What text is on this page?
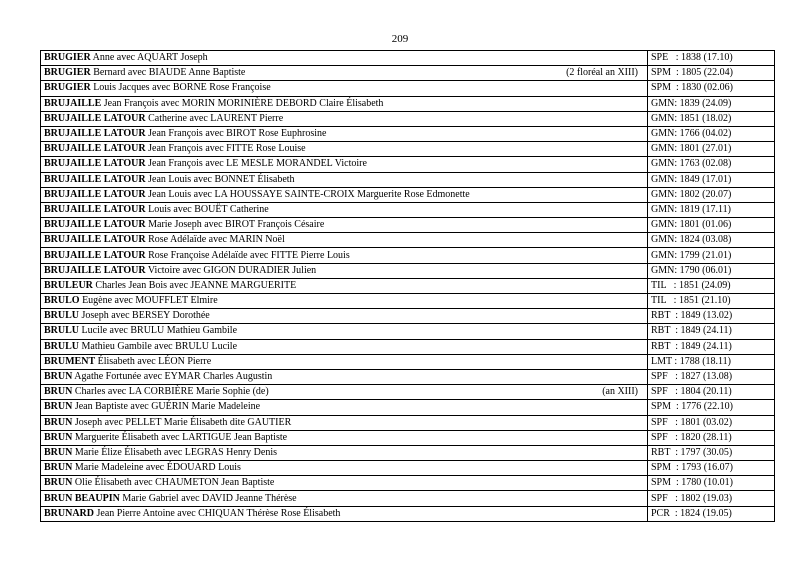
209
BRUGIER Anne avec AQUART Joseph	SPE   : 1838 (17.10)
BRUGIER Bernard avec BIAUDE Anne Baptiste (2 floréal an XIII)	SPM  : 1805 (22.04)
BRUGIER Louis Jacques avec BORNE Rose Françoise	SPM  : 1830 (02.06)
BRUJAILLE Jean François avec MORIN MORINIÈRE DEBORD Claire Élisabeth	GMN: 1839 (24.09)
BRUJAILLE LATOUR Catherine avec LAURENT Pierre	GMN: 1851 (18.02)
BRUJAILLE LATOUR Jean François avec BIROT Rose Euphrosine	GMN: 1766 (04.02)
BRUJAILLE LATOUR Jean François avec FITTE Rose Louise	GMN: 1801 (27.01)
BRUJAILLE LATOUR Jean François avec LE MESLE MORANDEL Victoire	GMN: 1763 (02.08)
BRUJAILLE LATOUR Jean Louis avec BONNET Élisabeth	GMN: 1849 (17.01)
BRUJAILLE LATOUR Jean Louis avec LA HOUSSAYE SAINTE-CROIX Marguerite Rose Edmonette	GMN: 1802 (20.07)
BRUJAILLE LATOUR Louis avec BOUËT Catherine	GMN: 1819 (17.11)
BRUJAILLE LATOUR Marie Joseph avec BIROT François Césaire	GMN: 1801 (01.06)
BRUJAILLE LATOUR Rose Adélaïde avec MARIN Noël	GMN: 1824 (03.08)
BRUJAILLE LATOUR Rose Françoise Adélaïde avec FITTE Pierre Louis	GMN: 1799 (21.01)
BRUJAILLE LATOUR Victoire avec GIGON DURADIER Julien	GMN: 1790 (06.01)
BRULEUR Charles Jean Bois avec JEANNE MARGUERITE	TIL   : 1851 (24.09)
BRULO Eugène avec MOUFFLET Elmire	TIL   : 1851 (21.10)
BRULU Joseph avec BERSEY Dorothée	RBT  : 1849 (13.02)
BRULU Lucile avec BRULU Mathieu Gambile	RBT  : 1849 (24.11)
BRULU Mathieu Gambile avec BRULU Lucile	RBT  : 1849 (24.11)
BRUMENT Élisabeth avec LÉON Pierre	LMT : 1788 (18.11)
BRUN Agathe Fortunée avec EYMAR Charles Augustin	SPF   : 1827 (13.08)
BRUN Charles avec LA CORBIÈRE Marie Sophie (de) (an XIII)	SPF   : 1804 (20.11)
BRUN Jean Baptiste avec GUÉRIN Marie Madeleine	SPM  : 1776 (22.10)
BRUN Joseph avec PELLET Marie Élisabeth dite GAUTIER	SPF   : 1801 (03.02)
BRUN Marguerite Élisabeth avec LARTIGUE Jean Baptiste	SPF   : 1820 (28.11)
BRUN Marie Élize Élisabeth avec LEGRAS Henry Denis	RBT  : 1797 (30.05)
BRUN Marie Madeleine avec ÉDOUARD Louis	SPM  : 1793 (16.07)
BRUN Olie Élisabeth avec CHAUMETON Jean Baptiste	SPM  : 1780 (10.01)
BRUN BEAUPIN Marie Gabriel avec DAVID Jeanne Thérèse	SPF   : 1802 (19.03)
BRUNARD Jean Pierre Antoine avec CHIQUAN Thérèse Rose Élisabeth	PCR  : 1824 (19.05)
